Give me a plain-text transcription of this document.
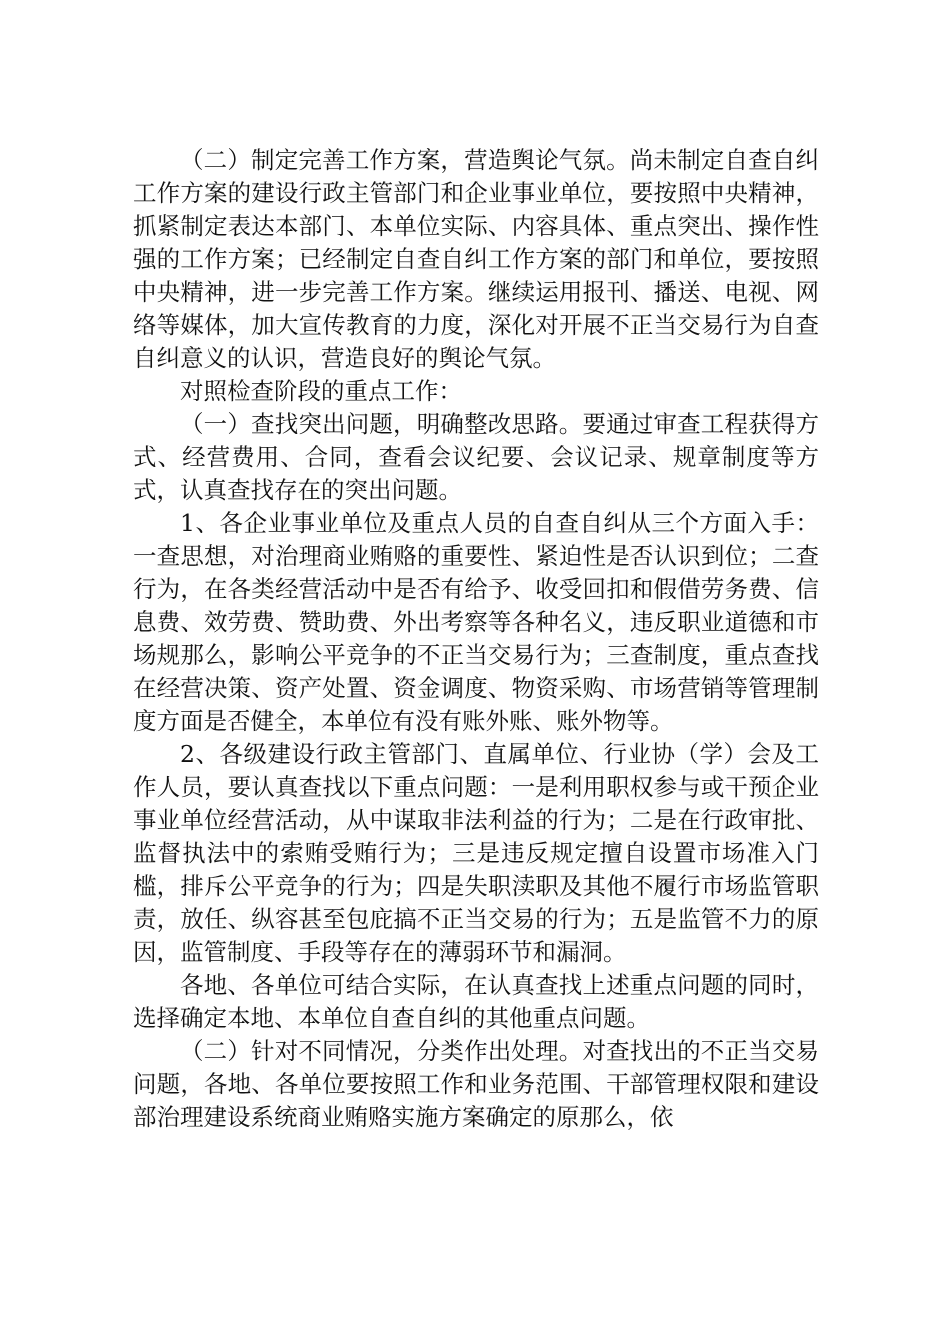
（二）制定完善工作方案，营造舆论气氛。尚未制定自查自纠工作方案的建设行政主管部门和企业事业单位，要按照中央精神，抓紧制定表达本部门、本单位实际、内容具体、重点突出、操作性强的工作方案；已经制定自查自纠工作方案的部门和单位，要按照中央精神，进一步完善工作方案。继续运用报刊、播送、电视、网络等媒体，加大宣传教育的力度，深化对开展不正当交易行为自查自纠意义的认识，营造良好的舆论气氛。

对照检查阶段的重点工作：

（一）查找突出问题，明确整改思路。要通过审查工程获得方式、经营费用、合同，查看会议纪要、会议记录、规章制度等方式，认真查找存在的突出问题。

1、各企业事业单位及重点人员的自查自纠从三个方面入手：一查思想，对治理商业贿赂的重要性、紧迫性是否认识到位；二查行为，在各类经营活动中是否有给予、收受回扣和假借劳务费、信息费、效劳费、赞助费、外出考察等各种名义，违反职业道德和市场规那么，影响公平竞争的不正当交易行为；三查制度，重点查找在经营决策、资产处置、资金调度、物资采购、市场营销等管理制度方面是否健全，本单位有没有账外账、账外物等。

2、各级建设行政主管部门、直属单位、行业协（学）会及工作人员，要认真查找以下重点问题：一是利用职权参与或干预企业事业单位经营活动，从中谋取非法利益的行为；二是在行政审批、监督执法中的索贿受贿行为；三是违反规定擅自设置市场准入门槛，排斥公平竞争的行为；四是失职渎职及其他不履行市场监管职责，放任、纵容甚至包庇搞不正当交易的行为；五是监管不力的原因，监管制度、手段等存在的薄弱环节和漏洞。

各地、各单位可结合实际，在认真查找上述重点问题的同时，选择确定本地、本单位自查自纠的其他重点问题。

（二）针对不同情况，分类作出处理。对查找出的不正当交易问题，各地、各单位要按照工作和业务范围、干部管理权限和建设部治理建设系统商业贿赂实施方案确定的原那么，依
